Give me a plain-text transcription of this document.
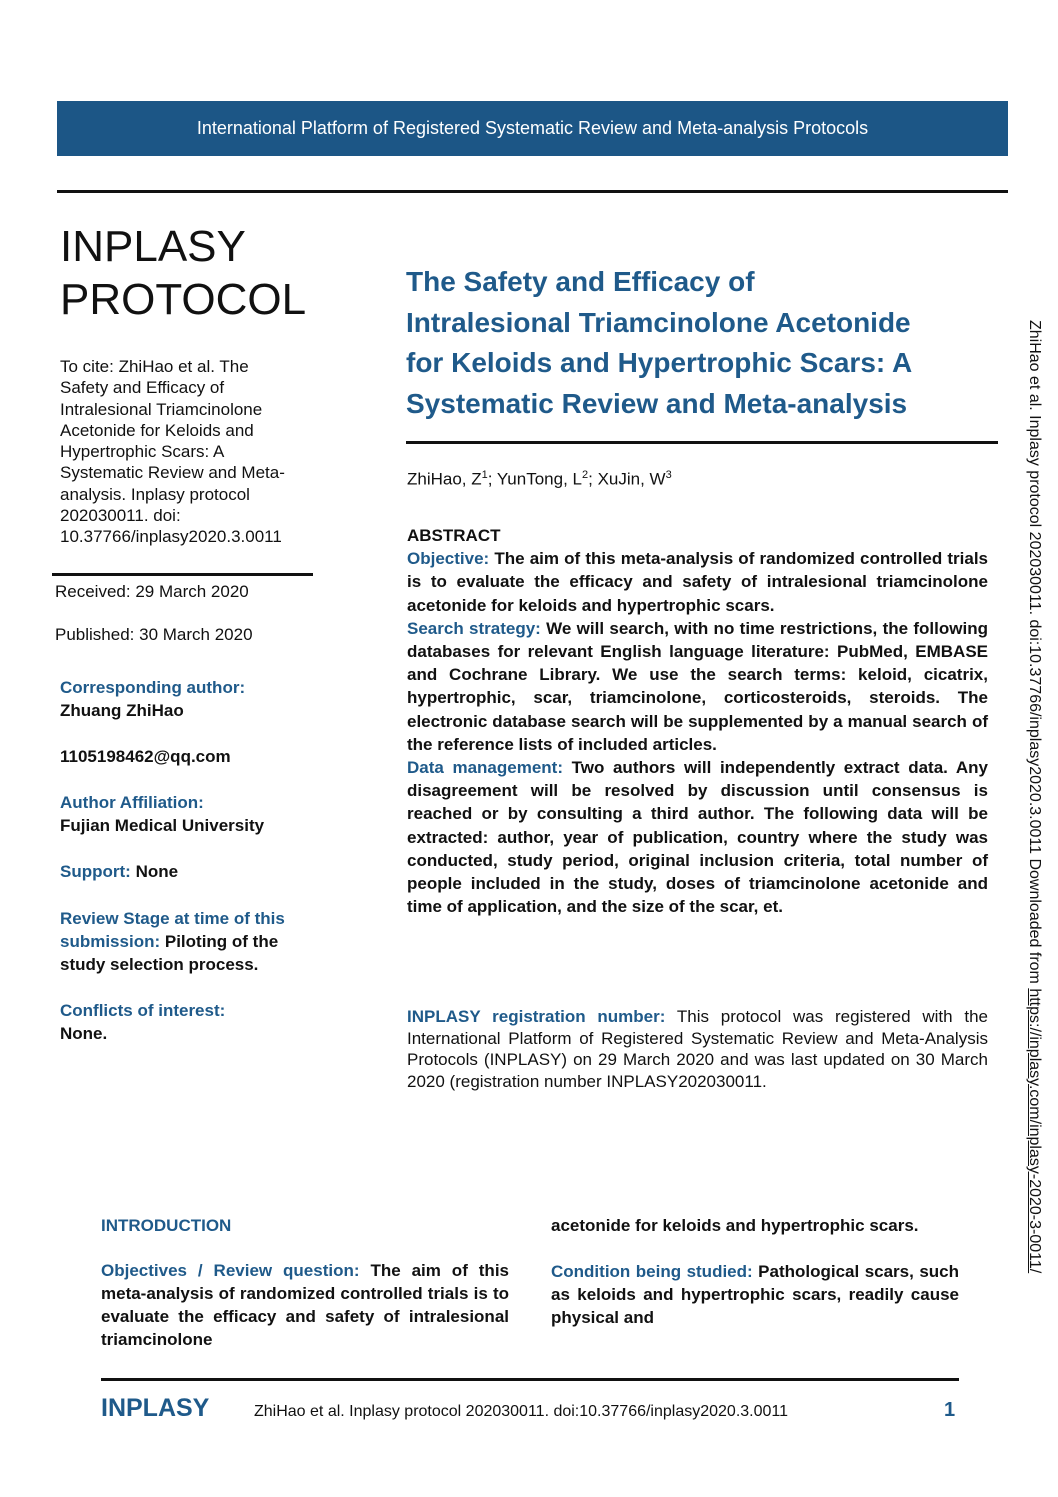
International Platform of Registered Systematic Review and Meta-analysis Protocols
INPLASY
PROTOCOL
To cite: ZhiHao et al. The
Safety and Efficacy of
Intralesional Triamcinolone
Acetonide for Keloids and
Hypertrophic Scars: A
Systematic Review and Meta-
analysis. Inplasy protocol
202030011. doi:
10.37766/inplasy2020.3.0011
Received: 29 March 2020
Published: 30 March 2020
Corresponding author:
Zhuang ZhiHao
1105198462@qq.com
Author Affiliation:
Fujian Medical University
Support: None
Review Stage at time of this
submission: Piloting of the
study selection process.
Conflicts of interest:
None.
The Safety and Efficacy of
Intralesional Triamcinolone Acetonide
for Keloids and Hypertrophic Scars: A
Systematic Review and Meta-analysis
ZhiHao, $Z^1$; YunTong, $L^2$; XuJin, $W^3$
ABSTRACT

Objective: The aim of this meta-analysis of randomized controlled trials is to evaluate the efficacy and safety of intralesional triamcinolone acetonide for keloids and hypertrophic scars.

Search strategy: We will search, with no time restrictions, the following databases for relevant English language literature: PubMed, EMBASE and Cochrane Library. We use the search terms: keloid, cicatrix, hypertrophic, scar, triamcinolone, corticosteroids, steroids. The electronic database search will be supplemented by a manual search of the reference lists of included articles.

Data management: Two authors will independently extract data. Any disagreement will be resolved by discussion until consensus is reached or by consulting a third author. The following data will be extracted: author, year of publication, country where the study was conducted, study period, original inclusion criteria, total number of people included in the study, doses of triamcinolone acetonide and time of application, and the size of the scar, et.

INPLASY registration number: This protocol was registered with the International Platform of Registered Systematic Review and Meta-Analysis Protocols (INPLASY) on 29 March 2020 and was last updated on 30 March 2020 (registration number INPLASY202030011.
ZhiHao et al. Inplasy protocol 202030011. doi:10.37766/inplasy2020.3.0011 Downloaded from https://inplasy.com/inplasy-2020-3-0011/
INTRODUCTION

Objectives / Review question: The aim of this meta-analysis of randomized controlled trials is to evaluate the efficacy and safety of intralesional triamcinolone

acetonide for keloids and hypertrophic scars.

Condition being studied: Pathological scars, such as keloids and hypertrophic scars, readily cause physical and

INPLASY	ZhiHao et al. Inplasy protocol 202030011. doi:10.37766/inplasy2020.3.0011	1
